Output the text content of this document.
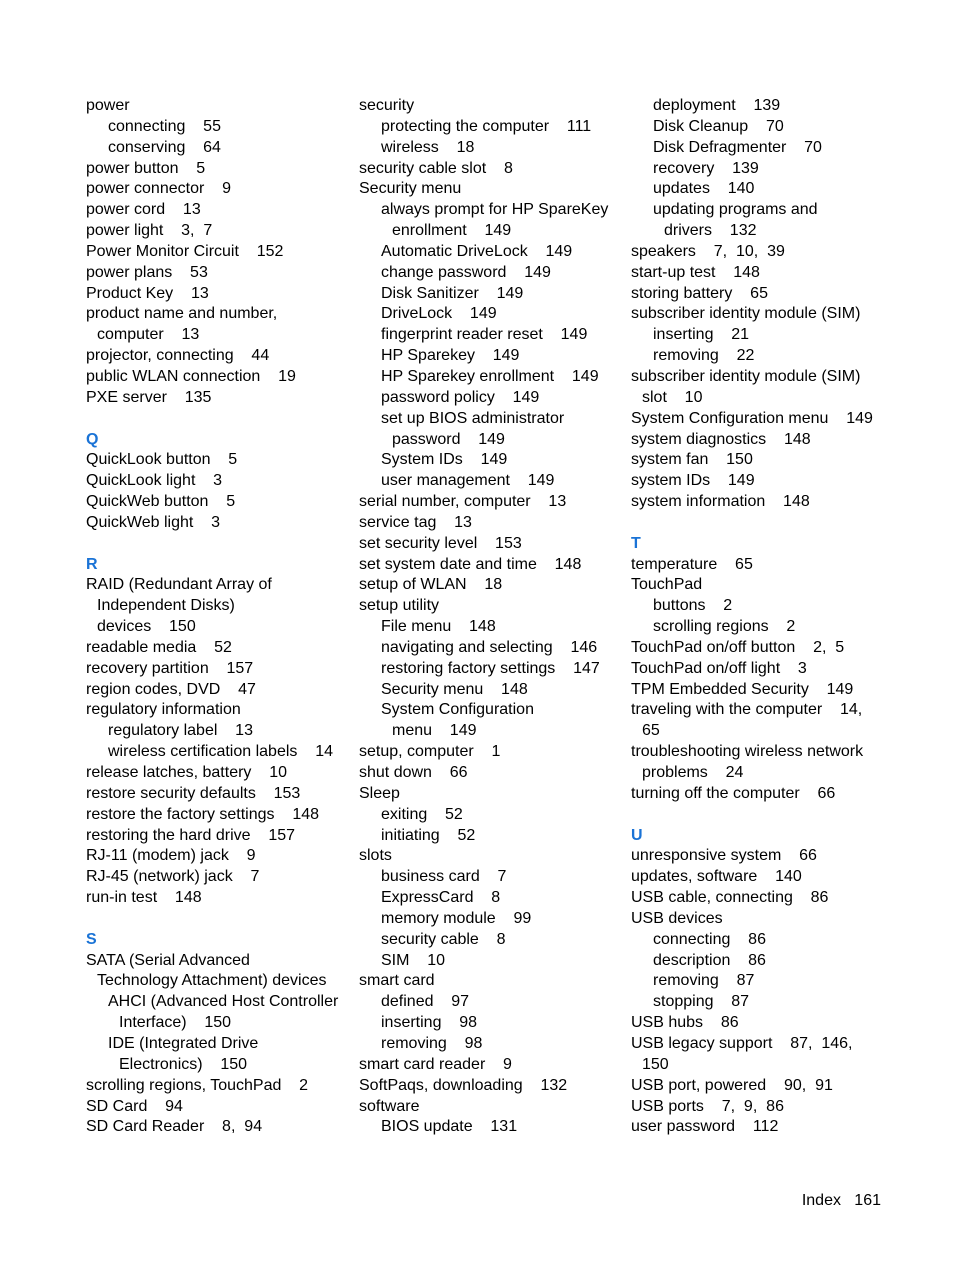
power
connecting    55
conserving    64
power button    5
power connector    9
power cord    13
power light    3,  7
Power Monitor Circuit    152
power plans    53
Product Key    13
product name and number,
computer    13
projector, connecting    44
public WLAN connection    19
PXE server    135
Q
QuickLook button    5
QuickLook light    3
QuickWeb button    5
QuickWeb light    3
R
RAID (Redundant Array of
Independent Disks)
devices    150
readable media    52
recovery partition    157
region codes, DVD    47
regulatory information
regulatory label    13
wireless certification labels    14
release latches, battery    10
restore security defaults    153
restore the factory settings    148
restoring the hard drive    157
RJ-11 (modem) jack    9
RJ-45 (network) jack    7
run-in test    148
S
SATA (Serial Advanced
Technology Attachment) devices
AHCI (Advanced Host Controller
Interface)    150
IDE (Integrated Drive
Electronics)    150
scrolling regions, TouchPad    2
SD Card    94
SD Card Reader    8,  94
security
protecting the computer    111
wireless    18
security cable slot    8
Security menu
always prompt for HP SpareKey
enrollment    149
Automatic DriveLock    149
change password    149
Disk Sanitizer    149
DriveLock    149
fingerprint reader reset    149
HP Sparekey    149
HP Sparekey enrollment    149
password policy    149
set up BIOS administrator
password    149
System IDs    149
user management    149
serial number, computer    13
service tag    13
set security level    153
set system date and time    148
setup of WLAN    18
setup utility
File menu    148
navigating and selecting    146
restoring factory settings    147
Security menu    148
System Configuration
menu    149
setup, computer    1
shut down    66
Sleep
exiting    52
initiating    52
slots
business card    7
ExpressCard    8
memory module    99
security cable    8
SIM    10
smart card
defined    97
inserting    98
removing    98
smart card reader    9
SoftPaqs, downloading    132
software
BIOS update    131
deployment    139
Disk Cleanup    70
Disk Defragmenter    70
recovery    139
updates    140
updating programs and
drivers    132
speakers    7,  10,  39
start-up test    148
storing battery    65
subscriber identity module (SIM)
inserting    21
removing    22
subscriber identity module (SIM)
slot    10
System Configuration menu    149
system diagnostics    148
system fan    150
system IDs    149
system information    148
T
temperature    65
TouchPad
buttons    2
scrolling regions    2
TouchPad on/off button    2,  5
TouchPad on/off light    3
TPM Embedded Security    149
traveling with the computer    14,
65
troubleshooting wireless network
problems    24
turning off the computer    66
U
unresponsive system    66
updates, software    140
USB cable, connecting    86
USB devices
connecting    86
description    86
removing    87
stopping    87
USB hubs    86
USB legacy support    87,  146,
150
USB port, powered    90,  91
USB ports    7,  9,  86
user password    112
Index   161
